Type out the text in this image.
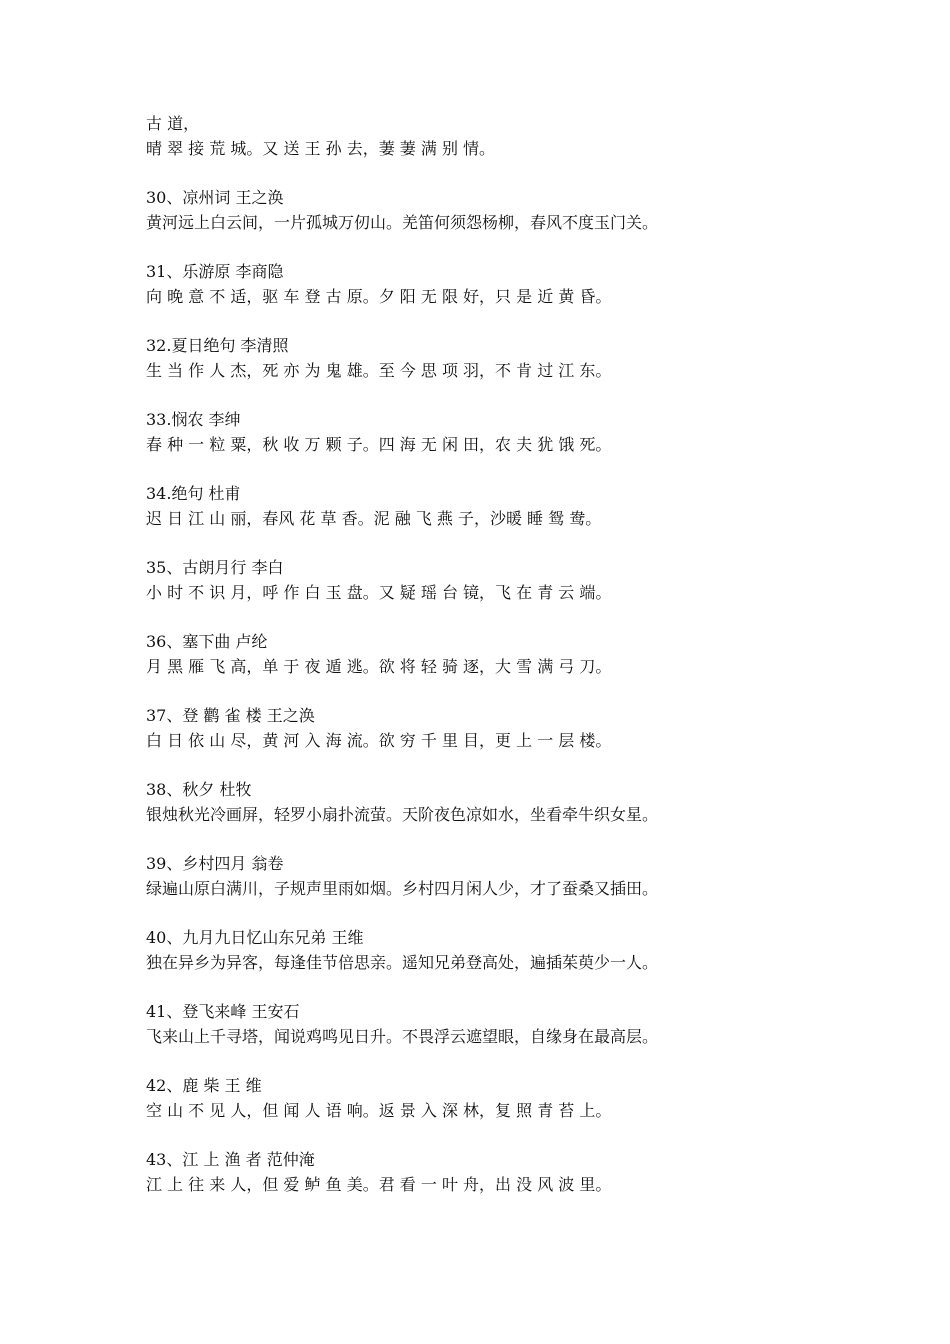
古 道，

晴 翠 接 荒 城。又 送 王 孙 去，萋 萋 满 别 情。

30、凉州词 王之涣

黄河远上白云间，一片孤城万仞山。羌笛何须怨杨柳，春风不度玉门关。

31、乐游原 李商隐

向 晚 意 不 适，驱 车 登 古 原。夕 阳 无 限 好，只 是 近 黄 昏。

32.夏日绝句 李清照

生 当 作 人 杰，死 亦 为 鬼 雄。至 今 思 项 羽，不 肯 过 江 东。

33.悯农 李绅

春 种 一 粒 粟，秋 收 万 颗 子。四 海 无 闲 田，农 夫 犹 饿 死。

34.绝句 杜甫

迟 日 江 山 丽，春风 花 草 香。泥 融 飞 燕 子，沙暖 睡 鸳 鸯。

35、古朗月行 李白

小 时 不 识 月，呼 作 白 玉 盘。又 疑 瑶 台 镜，飞 在 青 云 端。

36、塞下曲 卢纶

月 黑 雁 飞 高，单 于 夜 遁 逃。欲 将 轻 骑 逐，大 雪 满 弓 刀。

37、登 鹳 雀 楼 王之涣

白 日 依 山 尽，黄 河 入 海 流。欲 穷 千 里 目，更 上 一 层 楼。

38、秋夕 杜牧

银烛秋光冷画屏，轻罗小扇扑流萤。天阶夜色凉如水，坐看牵牛织女星。

39、乡村四月 翁卷

绿遍山原白满川，子规声里雨如烟。乡村四月闲人少，才了蚕桑又插田。

40、九月九日忆山东兄弟 王维

独在异乡为异客，每逢佳节倍思亲。遥知兄弟登高处，遍插茱萸少一人。

41、登飞来峰 王安石

飞来山上千寻塔，闻说鸡鸣见日升。不畏浮云遮望眼，自缘身在最高层。

42、鹿 柴 王 维

空 山 不 见 人，但 闻 人 语 响。返 景 入 深 林，复 照 青 苔 上。

43、江 上 渔 者 范仲淹

江 上 往 来 人，但 爱 鲈 鱼 美。君 看 一 叶 舟，出 没 风 波 里。
